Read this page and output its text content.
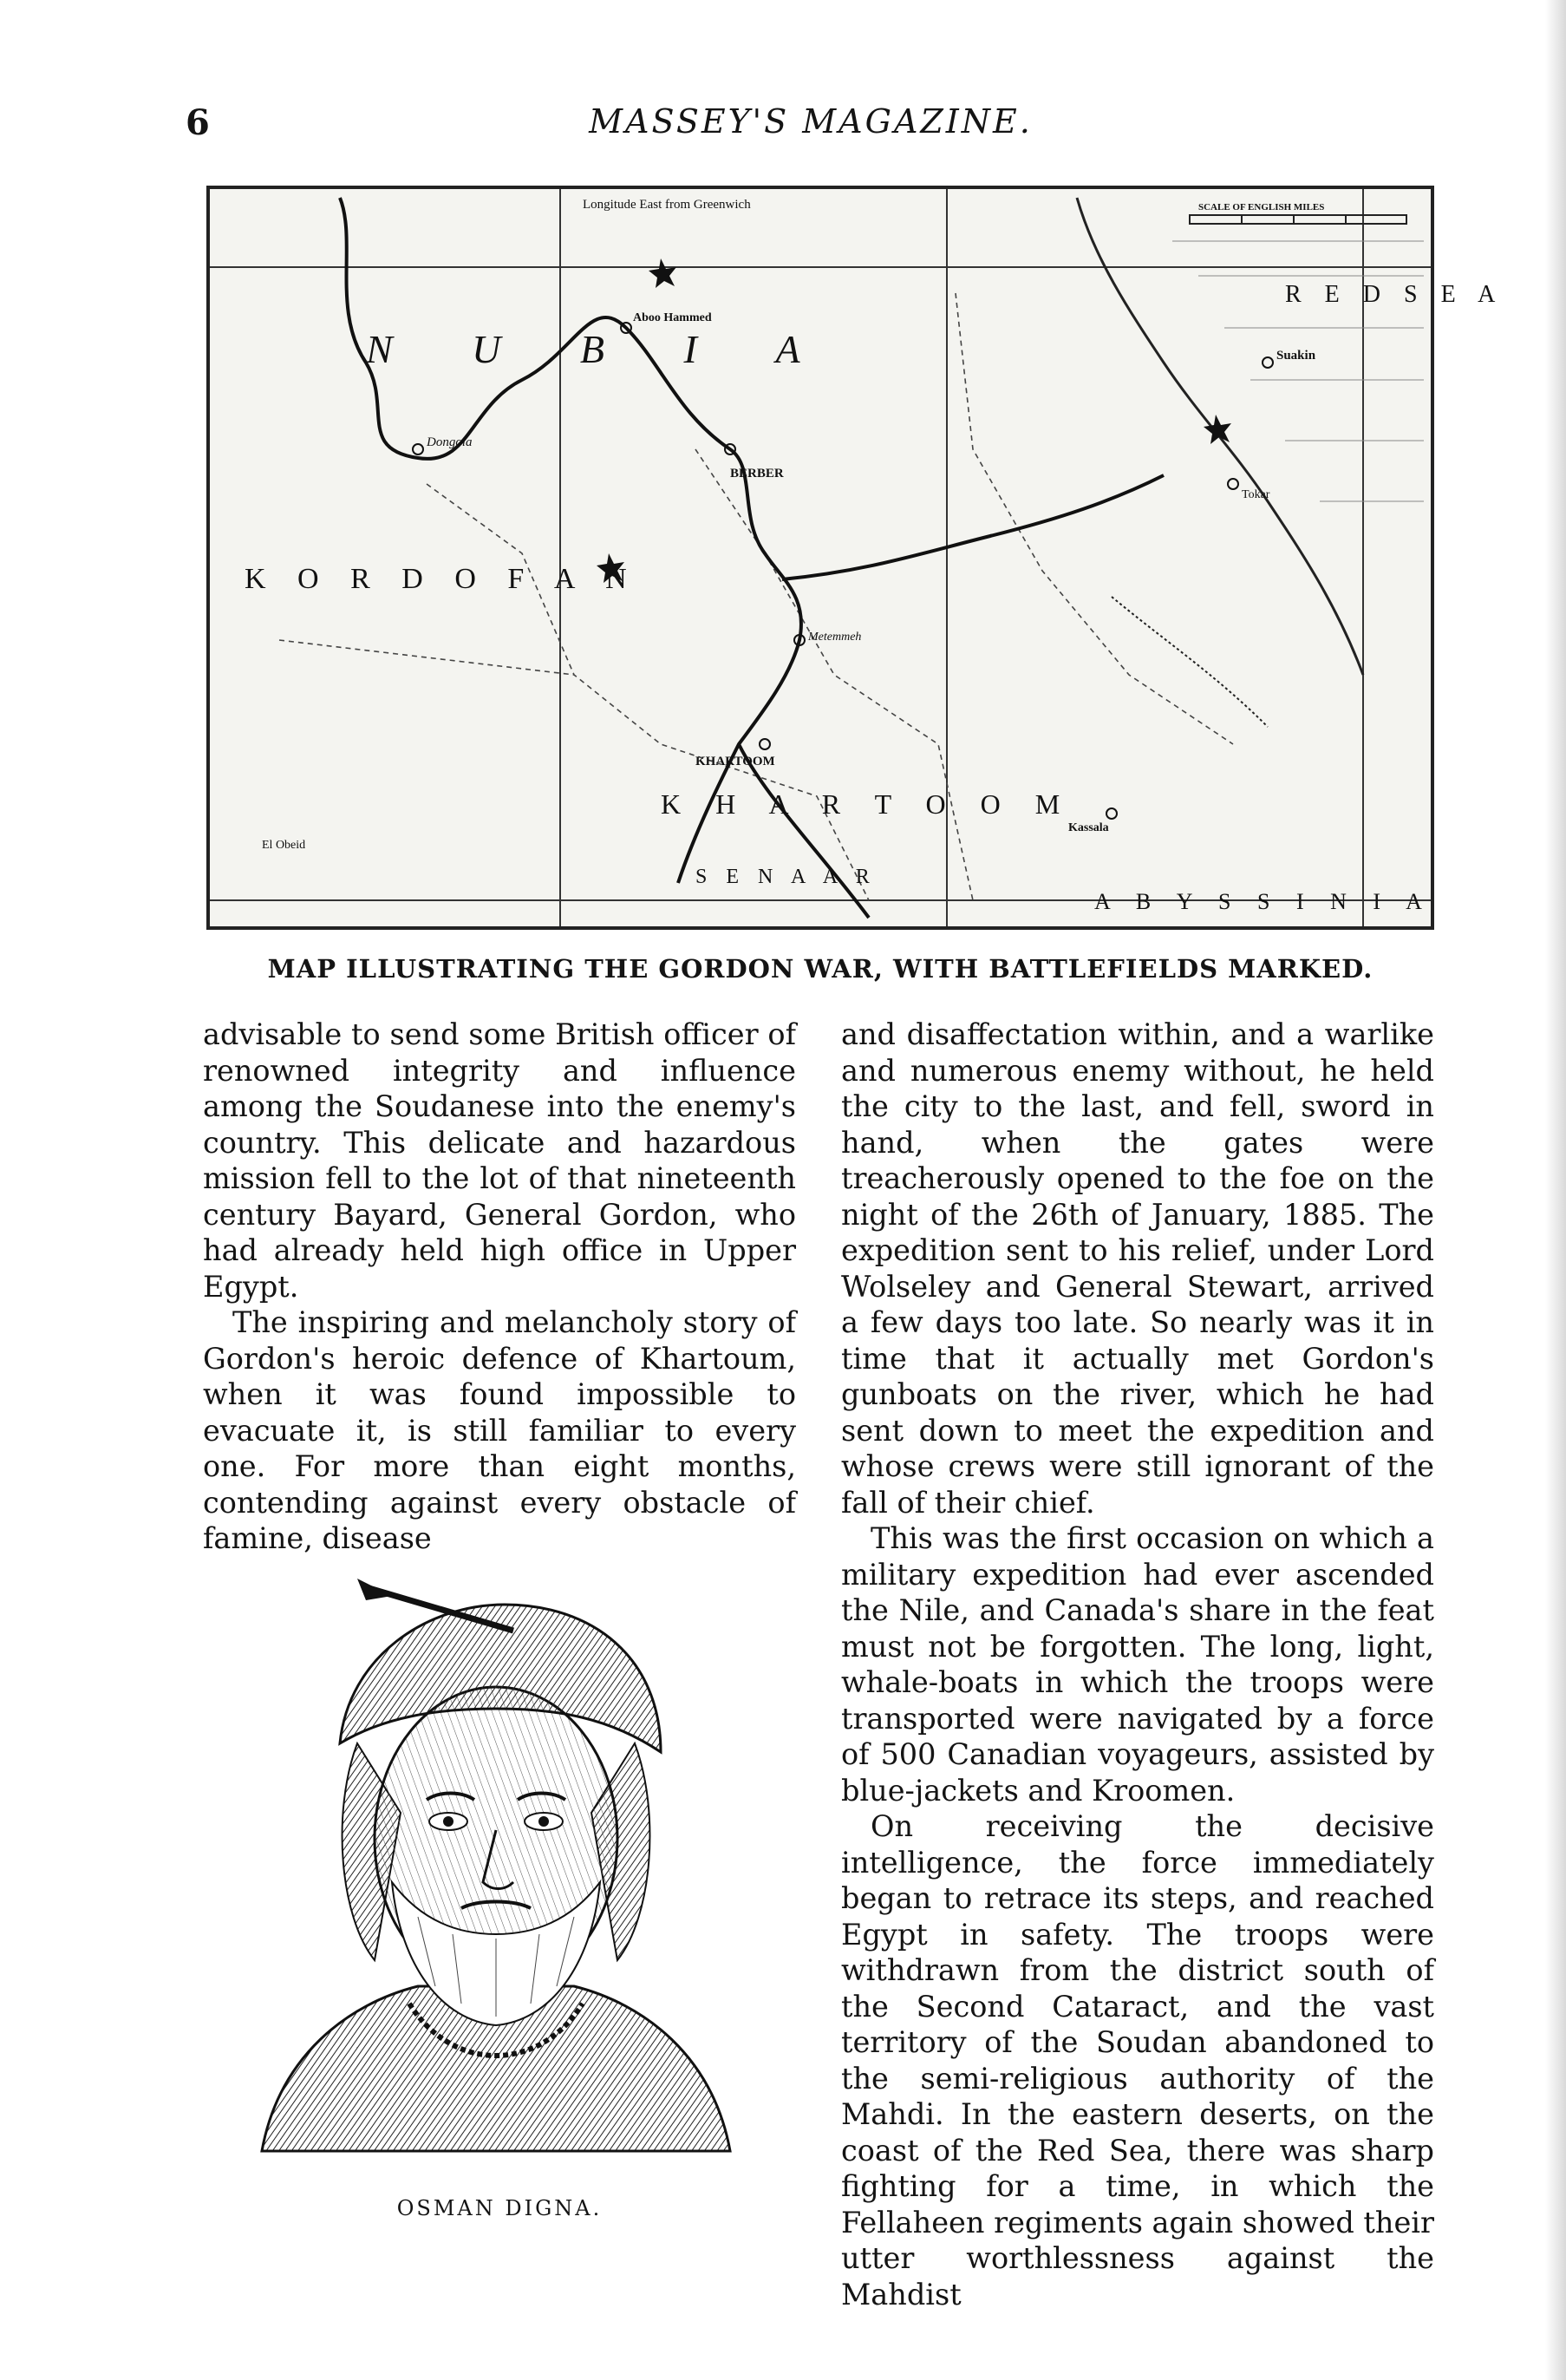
6	MASSEY'S MAGAZINE.
Longitude East from Greenwich	SCALE OF ENGLISH MILES
N U B I A
BERBER
KHARTOOM
K H A R T O O M
K O R D O F A N
S E N A A R
A B Y S S I N I A
R E D S E A
Aboo Hammed
Dongola
Suakin
Kassala
Tokar
Metemmeh
El Obeid
MAP ILLUSTRATING THE GORDON WAR, WITH BATTLEFIELDS MARKED.

advisable to send some British officer of renowned integrity and influence among the Soudanese into the enemy's country. This delicate and hazardous mission fell to the lot of that nineteenth century Bayard, General Gordon, who had already held high office in Upper Egypt.

The inspiring and melancholy story of Gordon's heroic defence of Khartoum, when it was found impossible to evacuate it, is still familiar to every one. For more than eight months, contending against every obstacle of famine, disease

OSMAN DIGNA.

and disaffectation within, and a warlike and numerous enemy without, he held the city to the last, and fell, sword in hand, when the gates were treacherously opened to the foe on the night of the 26th of January, 1885. The expedition sent to his relief, under Lord Wolseley and General Stewart, arrived a few days too late. So nearly was it in time that it actually met Gordon's gunboats on the river, which he had sent down to meet the expedition and whose crews were still ignorant of the fall of their chief.

This was the first occasion on which a military expedition had ever ascended the Nile, and Canada's share in the feat must not be forgotten. The long, light, whale-boats in which the troops were transported were navigated by a force of 500 Canadian voyageurs, assisted by blue-jackets and Kroomen.

On receiving the decisive intelligence, the force immediately began to retrace its steps, and reached Egypt in safety. The troops were withdrawn from the district south of the Second Cataract, and the vast territory of the Soudan abandoned to the semi-religious authority of the Mahdi. In the eastern deserts, on the coast of the Red Sea, there was sharp fighting for a time, in which the Fellaheen regiments again showed their utter worthlessness against the Mahdist
